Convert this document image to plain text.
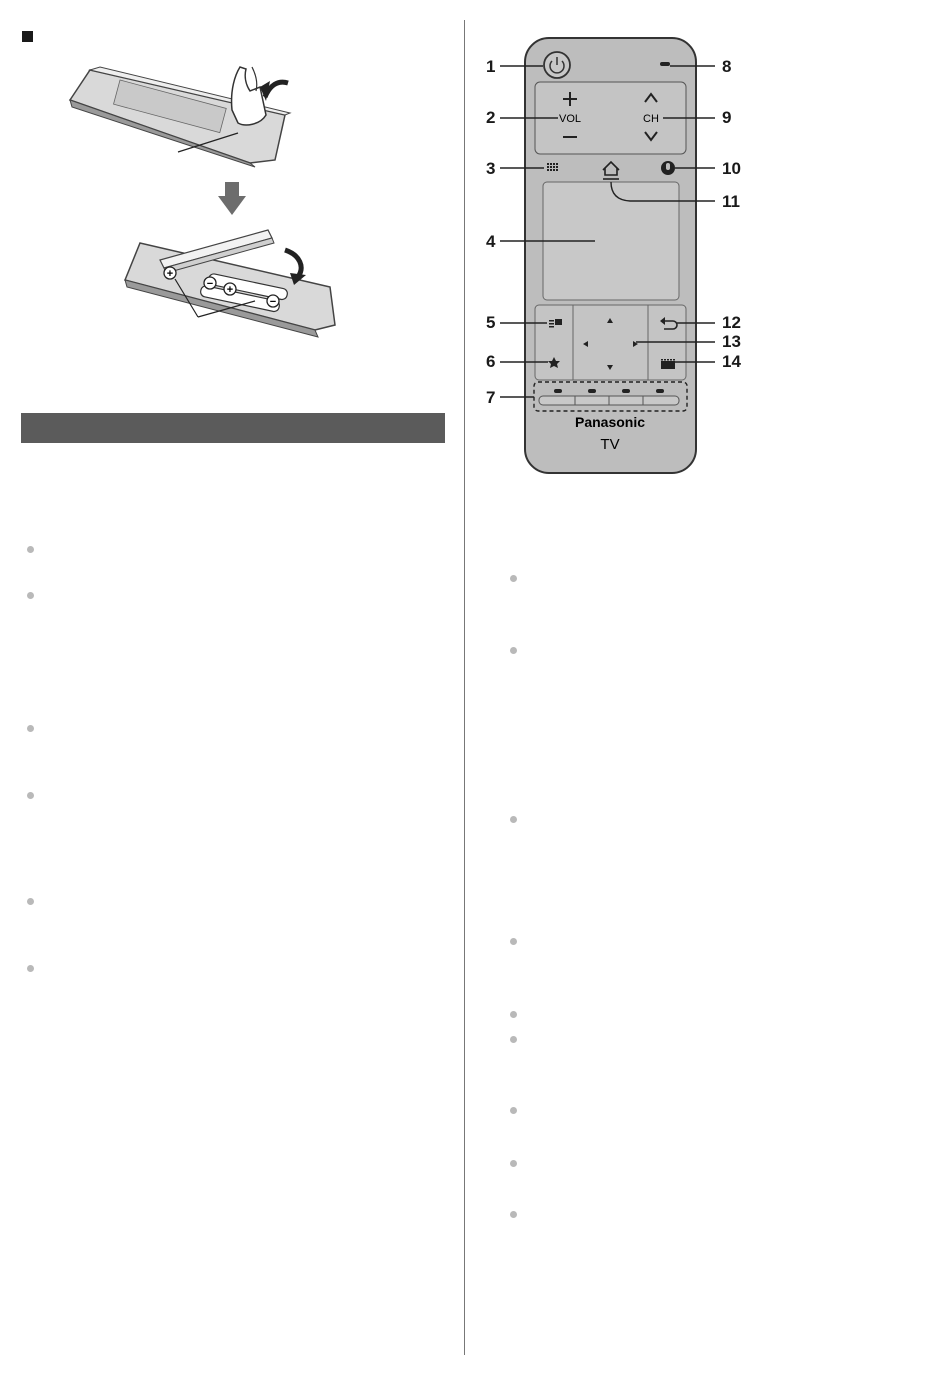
+
− +
−
VOL	CH
Panasonic
TV
1
2
3
4
5
6
7
8
9
10
11
12
13
14
